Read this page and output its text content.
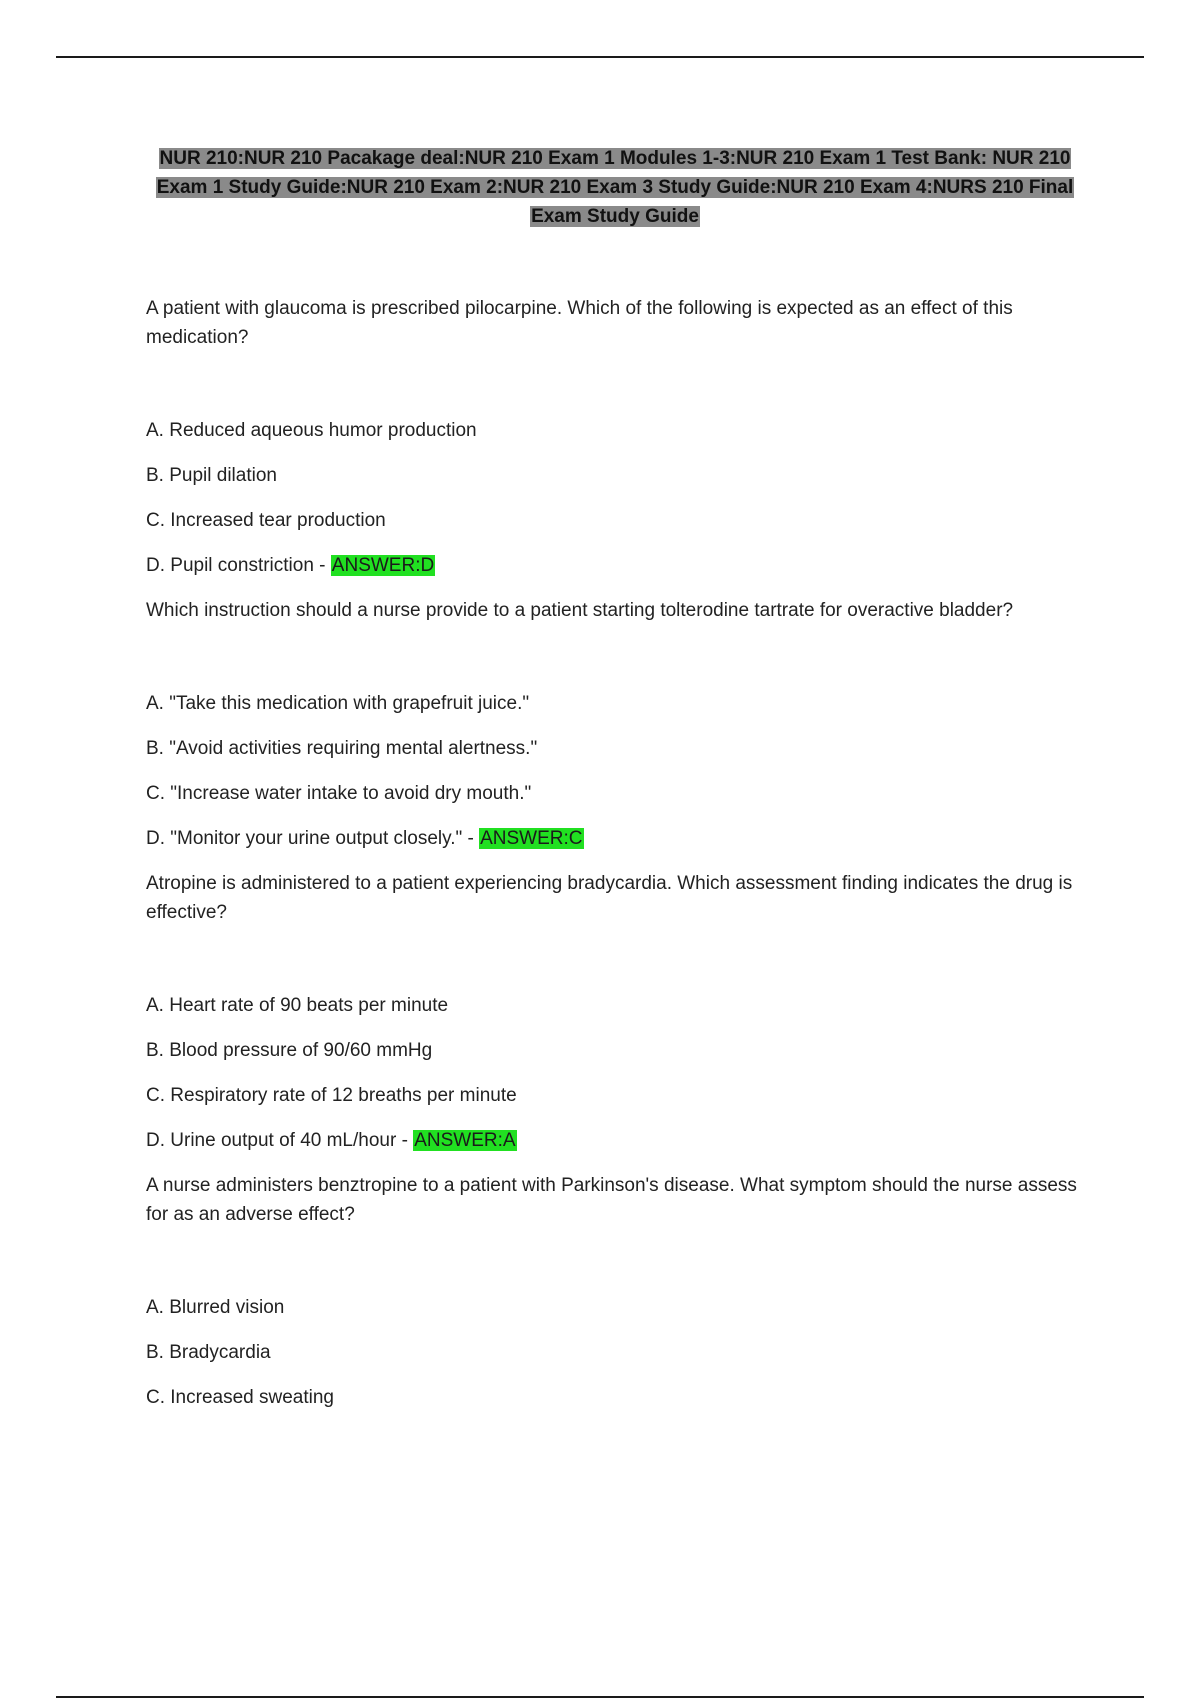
NUR 210:NUR 210 Pacakage deal:NUR 210 Exam 1 Modules 1-3:NUR 210 Exam 1 Test Bank: NUR 210 Exam 1 Study Guide:NUR 210 Exam 2:NUR 210 Exam 3 Study Guide:NUR 210 Exam 4:NURS 210 Final Exam Study Guide

A patient with glaucoma is prescribed pilocarpine. Which of the following is expected as an effect of this medication?

A. Reduced aqueous humor production

B. Pupil dilation

C. Increased tear production

D. Pupil constriction - ANSWER:D

Which instruction should a nurse provide to a patient starting tolterodine tartrate for overactive bladder?

A. "Take this medication with grapefruit juice."

B. "Avoid activities requiring mental alertness."

C. "Increase water intake to avoid dry mouth."

D. "Monitor your urine output closely." - ANSWER:C

Atropine is administered to a patient experiencing bradycardia. Which assessment finding indicates the drug is effective?

A. Heart rate of 90 beats per minute

B. Blood pressure of 90/60 mmHg

C. Respiratory rate of 12 breaths per minute

D. Urine output of 40 mL/hour - ANSWER:A

A nurse administers benztropine to a patient with Parkinson's disease. What symptom should the nurse assess for as an adverse effect?

A. Blurred vision

B. Bradycardia

C. Increased sweating
